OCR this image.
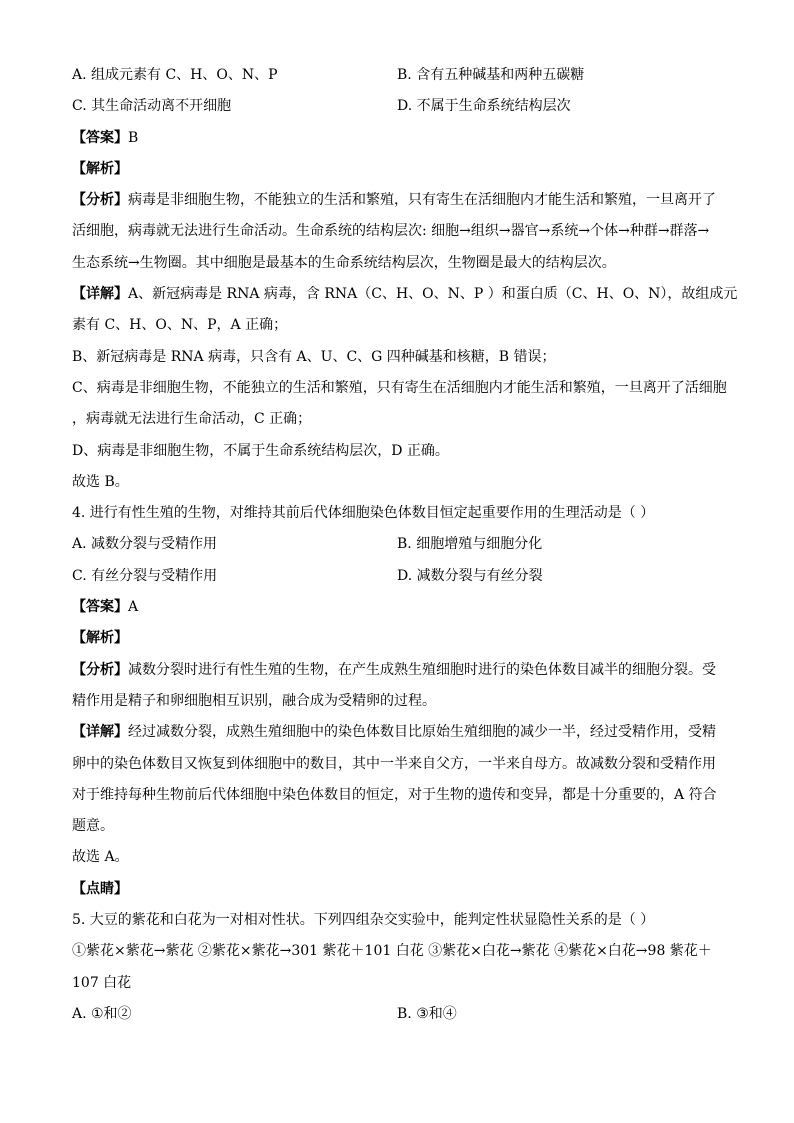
A. 组成元素有 C、H、O、N、P	B. 含有五种碱基和两种五碳糖
C. 其生命活动离不开细胞	D. 不属于生命系统结构层次
【答案】B
【解析】
【分析】病毒是非细胞生物，不能独立的生活和繁殖，只有寄生在活细胞内才能生活和繁殖，一旦离开了
活细胞，病毒就无法进行生命活动。生命系统的结构层次: 细胞→组织→器官→系统→个体→种群→群落→
生态系统→生物圈。其中细胞是最基本的生命系统结构层次，生物圈是最大的结构层次。
【详解】A、新冠病毒是 RNA 病毒，含 RNA（C、H、O、N、P ）和蛋白质（C、H、O、N），故组成元
素有 C、H、O、N、P，A 正确；
B、新冠病毒是 RNA 病毒，只含有 A、U、C、G 四种碱基和核糖，B 错误；
C、病毒是非细胞生物，不能独立的生活和繁殖，只有寄生在活细胞内才能生活和繁殖，一旦离开了活细胞
，病毒就无法进行生命活动，C 正确；
D、病毒是非细胞生物，不属于生命系统结构层次，D 正确。
故选 B。
4. 进行有性生殖的生物，对维持其前后代体细胞染色体数目恒定起重要作用的生理活动是（ ）
A. 减数分裂与受精作用	B. 细胞增殖与细胞分化
C. 有丝分裂与受精作用	D. 减数分裂与有丝分裂
【答案】A
【解析】
【分析】减数分裂时进行有性生殖的生物，在产生成熟生殖细胞时进行的染色体数目减半的细胞分裂。受
精作用是精子和卵细胞相互识别，融合成为受精卵的过程。
【详解】经过减数分裂，成熟生殖细胞中的染色体数目比原始生殖细胞的减少一半，经过受精作用，受精
卵中的染色体数目又恢复到体细胞中的数目，其中一半来自父方，一半来自母方。故减数分裂和受精作用
对于维持每种生物前后代体细胞中染色体数目的恒定，对于生物的遗传和变异，都是十分重要的，A 符合
题意。
故选 A。
【点睛】
5. 大豆的紫花和白花为一对相对性状。下列四组杂交实验中，能判定性状显隐性关系的是（ ）
①紫花×紫花→紫花 ②紫花×紫花→301 紫花＋101 白花 ③紫花×白花→紫花 ④紫花×白花→98 紫花＋
107 白花
A. ①和②	B. ③和④
